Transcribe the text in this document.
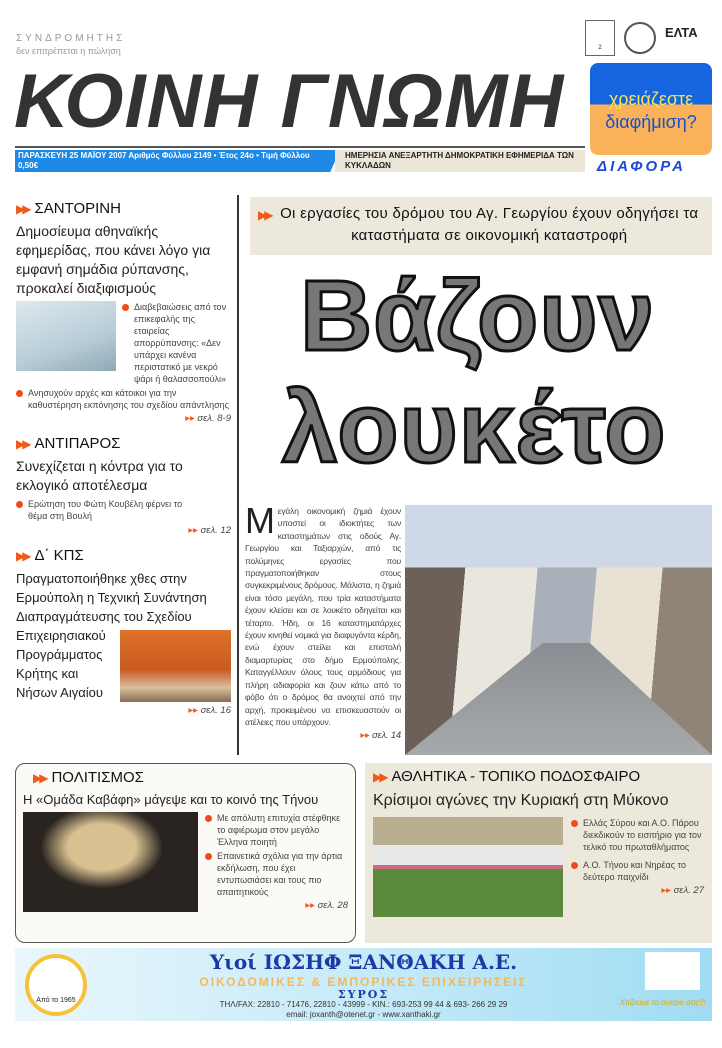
ΣΥΝΔΡΟΜΗΤΗΣ
δεν επιτρέπεται η πώληση
ΚΟΙΝΗ ΓΝΩΜΗ
ΠΑΡΑΣΚΕΥΗ 25 ΜΑΪΟΥ 2007 Αριθμός Φύλλου 2149 • Έτος 24ο • Τιμή Φύλλου 0,50€
ΗΜΕΡΗΣΙΑ ΑΝΕΞΑΡΤΗΤΗ ΔΗΜΟΚΡΑΤΙΚΗ ΕΦΗΜΕΡΙΔΑ ΤΩΝ ΚΥΚΛΑΔΩΝ
2
ΕΛΤΑ
χρειάζεστε
διαφήμιση?
ΔΙΑΦΟΡΑ
▶▶ ΣΑΝΤΟΡΙΝΗ
Δημοσίευμα αθηναϊκής εφημερίδας, που κάνει λόγο για εμφανή σημάδια ρύπανσης, προκαλεί διαξιφισμούς
Διαβεβαιώσεις από τον επικεφαλής της εταιρείας απορρύπανσης: «Δεν υπάρχει κανένα περιστατικό με νεκρό ψάρι ή θαλασσοπούλι»
Ανησυχούν αρχές και κάτοικοι για την καθυστέρηση εκπόνησης του σχεδίου απάντλησης
▸▸ σελ. 8-9
▶▶ ΑΝΤΙΠΑΡΟΣ
Συνεχίζεται η κόντρα για το εκλογικό αποτέλεσμα
Ερώτηση του Φώτη Κουβέλη φέρνει το θέμα στη Βουλή
▸▸ σελ. 12
▶▶ Δ΄ ΚΠΣ
Πραγματοποιήθηκε χθες στην Ερμούπολη η Τεχνική Συνάντηση Διαπραγμάτευσης του Σχεδίου
Επιχειρησιακού Προγράμματος Κρήτης και Νήσων Αιγαίου
▸▸ σελ. 16
▶▶ Οι εργασίες του δρόμου του Αγ. Γεωργίου έχουν οδηγήσει τα καταστήματα σε οικονομική καταστροφή
Βάζουν
λουκέτο
Μεγάλη οικονομική ζημιά έχουν υποστεί οι ιδιοκτήτες των καταστημάτων στις οδούς Αγ. Γεωργίου και Ταξιαρχών, από τις πολύμηνες εργασίες που πραγματοποιήθηκαν στους συγκεκριμένους δρόμους. Μάλιστα, η ζημιά είναι τόσο μεγάλη, που τρία καταστήματα έχουν κλείσει και σε λουκέτο οδηγείται και τέταρτο. Ήδη, οι 16 καταστηματάρχες έχουν κινηθεί νομικά για διαφυγόντα κέρδη, ενώ έχουν στείλει και επιστολή διαμαρτυρίας στο δήμο Ερμούπολης. Καταγγέλλουν όλους τους αρμόδιους για πλήρη αδιαφορία και ζουν κάτω από το φόβο ότι ο δρόμος θα ανοιχτεί από την αρχή, προκειμένου να επισκευαστούν οι ατέλειες που υπάρχουν.
▸▸ σελ. 14
▶▶ ΠΟΛΙΤΙΣΜΟΣ
Η «Ομάδα Καβάφη» μάγεψε και το κοινό της Τήνου
Με απόλυτη επιτυχία στέφθηκε το αφιέρωμα στον μεγάλο Έλληνα ποιητή
Επαινετικά σχόλια για την άρτια εκδήλωση, που έχει εντυπωσιάσει και τους πιο απαιτητικούς
▸▸ σελ. 28
▶▶ ΑΘΛΗΤΙΚΑ - ΤΟΠΙΚΟ ΠΟΔΟΣΦΑΙΡΟ
Κρίσιμοι αγώνες την Κυριακή στη Μύκονο
Ελλάς Σύρου και Α.Ο. Πάρου διεκδικούν το εισιτήριο για τον τελικό του πρωταθλήματος
Α.Ο. Τήνου και Νηρέας το δεύτερο παιχνίδι
▸▸ σελ. 27
Από το 1965
Υιοί ΙΩΣΗΦ ΞΑΝΘΑΚΗ Α.Ε.
ΟΙΚΟΔΟΜΙΚΕΣ & ΕΜΠΟΡΙΚΕΣ ΕΠΙΧΕΙΡΗΣΕΙΣ
ΣΥΡΟΣ
ΤΗΛ/FAX: 22810 - 71476, 22810 - 43999 - ΚΙΝ.: 693-253 99 44 & 693- 266 29 29
email: joxanth@otenet.gr - www.xanthaki.gr
Χτίζουμε το όνειρό σας!!!
